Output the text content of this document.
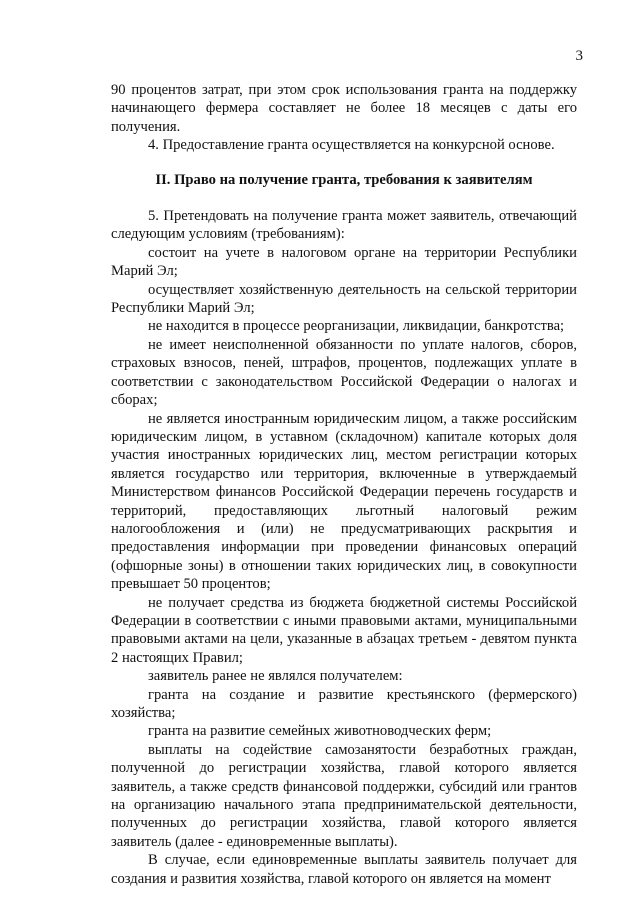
3

90 процентов затрат, при этом срок использования гранта на поддержку начинающего фермера составляет не более 18 месяцев с даты его получения.

4. Предоставление гранта осуществляется на конкурсной основе.

II. Право на получение гранта, требования к заявителям

5. Претендовать на получение гранта может заявитель, отвечающий следующим условиям (требованиям):

состоит на учете в налоговом органе на территории Республики Марий Эл;

осуществляет хозяйственную деятельность на сельской территории Республики Марий Эл;

не находится в процессе реорганизации, ликвидации, банкротства;

не имеет неисполненной обязанности по уплате налогов, сборов, страховых взносов, пеней, штрафов, процентов, подлежащих уплате в соответствии с законодательством Российской Федерации о налогах и сборах;

не является иностранным юридическим лицом, а также российским юридическим лицом, в уставном (складочном) капитале которых доля участия иностранных юридических лиц, местом регистрации которых является государство или территория, включенные в утверждаемый Министерством финансов Российской Федерации перечень государств и территорий, предоставляющих льготный налоговый режим налогообложения и (или) не предусматривающих раскрытия и предоставления информации при проведении финансовых операций (офшорные зоны) в отношении таких юридических лиц, в совокупности превышает 50 процентов;

не получает средства из бюджета бюджетной системы Российской Федерации в соответствии с иными правовыми актами, муниципальными правовыми актами на цели, указанные в абзацах третьем - девятом пункта 2 настоящих Правил;

заявитель ранее не являлся получателем:

гранта на создание и развитие крестьянского (фермерского) хозяйства;

гранта на развитие семейных животноводческих ферм;

выплаты на содействие самозанятости безработных граждан, полученной до регистрации хозяйства, главой которого является заявитель, а также средств финансовой поддержки, субсидий или грантов на организацию начального этапа предпринимательской деятельности, полученных до регистрации хозяйства, главой которого является заявитель (далее - единовременные выплаты).

В случае, если единовременные выплаты заявитель получает для создания и развития хозяйства, главой которого он является на момент
